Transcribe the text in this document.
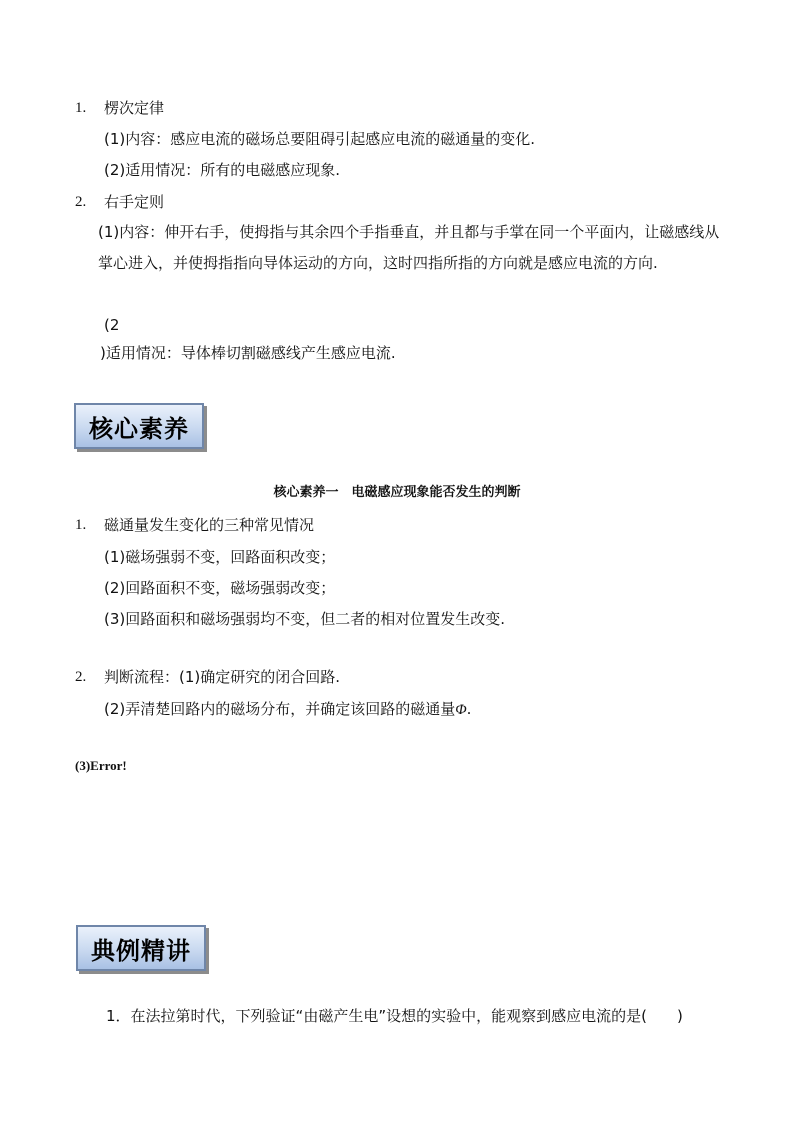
1. 楞次定律
(1)内容：感应电流的磁场总要阻碍引起感应电流的磁通量的变化.
(2)适用情况：所有的电磁感应现象.
2. 右手定则
(1)内容：伸开右手，使拇指与其余四个手指垂直，并且都与手掌在同一个平面内，让磁感线从掌心进入，并使拇指指向导体运动的方向，这时四指所指的方向就是感应电流的方向.
(2
)适用情况：导体棒切割磁感线产生感应电流.
核心素养
核心素养一　电磁感应现象能否发生的判断
1. 磁通量发生变化的三种常见情况
(1)磁场强弱不变，回路面积改变；
(2)回路面积不变，磁场强弱改变；
(3)回路面积和磁场强弱均不变，但二者的相对位置发生改变.
2. 判断流程：(1)确定研究的闭合回路.
(2)弄清楚回路内的磁场分布，并确定该回路的磁通量Φ.
(3)Error!
典例精讲
1．在法拉第时代，下列验证“由磁产生电”设想的实验中，能观察到感应电流的是(　　)
